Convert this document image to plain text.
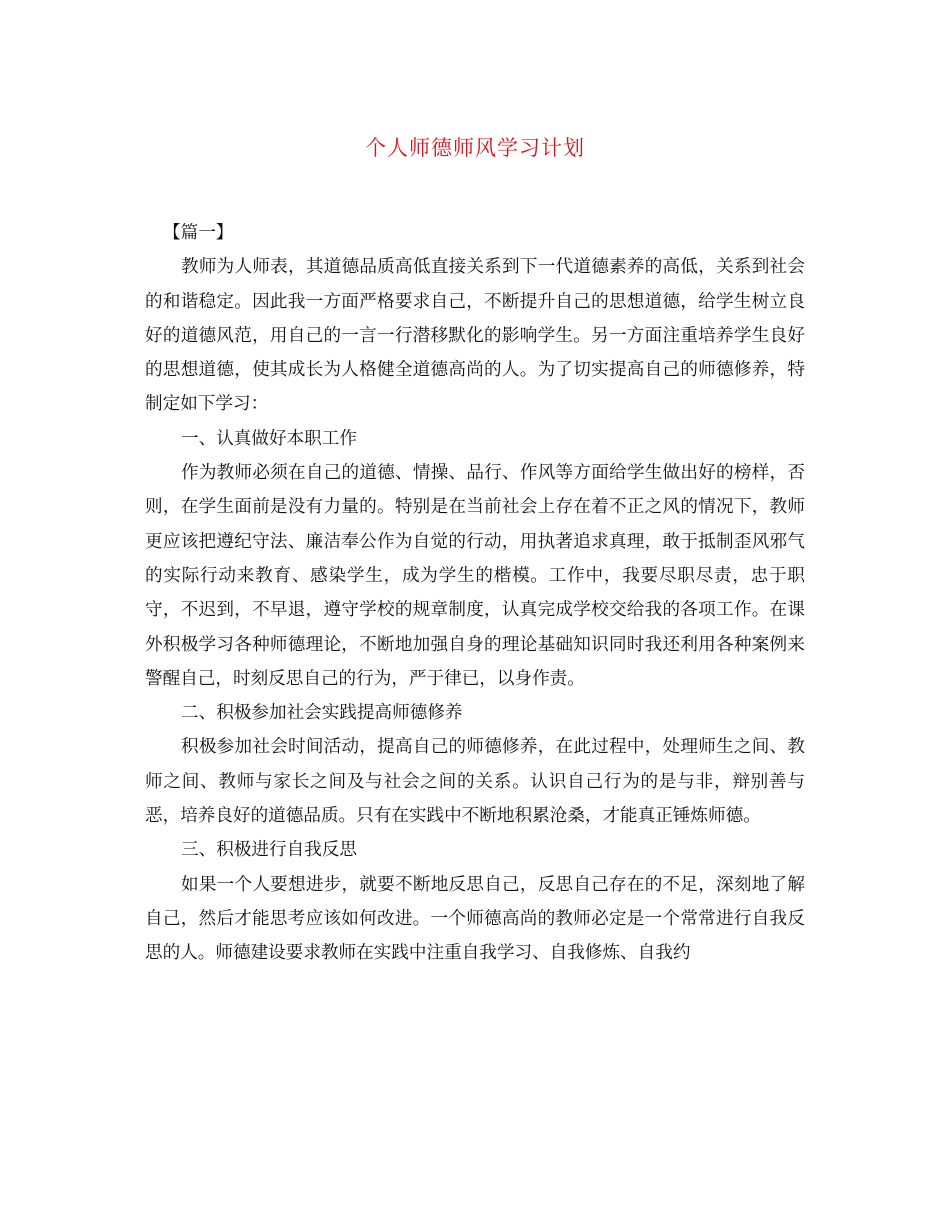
个人师德师风学习计划

【篇一】

教师为人师表，其道德品质高低直接关系到下一代道德素养的高低，关系到社会的和谐稳定。因此我一方面严格要求自己，不断提升自己的思想道德，给学生树立良好的道德风范，用自己的一言一行潜移默化的影响学生。另一方面注重培养学生良好的思想道德，使其成长为人格健全道德高尚的人。为了切实提高自己的师德修养，特制定如下学习：

一、认真做好本职工作

作为教师必须在自己的道德、情操、品行、作风等方面给学生做出好的榜样，否则，在学生面前是没有力量的。特别是在当前社会上存在着不正之风的情况下，教师更应该把遵纪守法、廉洁奉公作为自觉的行动，用执著追求真理，敢于抵制歪风邪气的实际行动来教育、感染学生，成为学生的楷模。工作中，我要尽职尽责，忠于职守，不迟到，不早退，遵守学校的规章制度，认真完成学校交给我的各项工作。在课外积极学习各种师德理论，不断地加强自身的理论基础知识同时我还利用各种案例来警醒自己，时刻反思自己的行为，严于律已，以身作责。

二、积极参加社会实践提高师德修养

积极参加社会时间活动，提高自己的师德修养，在此过程中，处理师生之间、教师之间、教师与家长之间及与社会之间的关系。认识自己行为的是与非，辩别善与恶，培养良好的道德品质。只有在实践中不断地积累沧桑，才能真正锤炼师德。

三、积极进行自我反思

如果一个人要想进步，就要不断地反思自己，反思自己存在的不足，深刻地了解自己，然后才能思考应该如何改进。一个师德高尚的教师必定是一个常常进行自我反思的人。师德建设要求教师在实践中注重自我学习、自我修炼、自我约
